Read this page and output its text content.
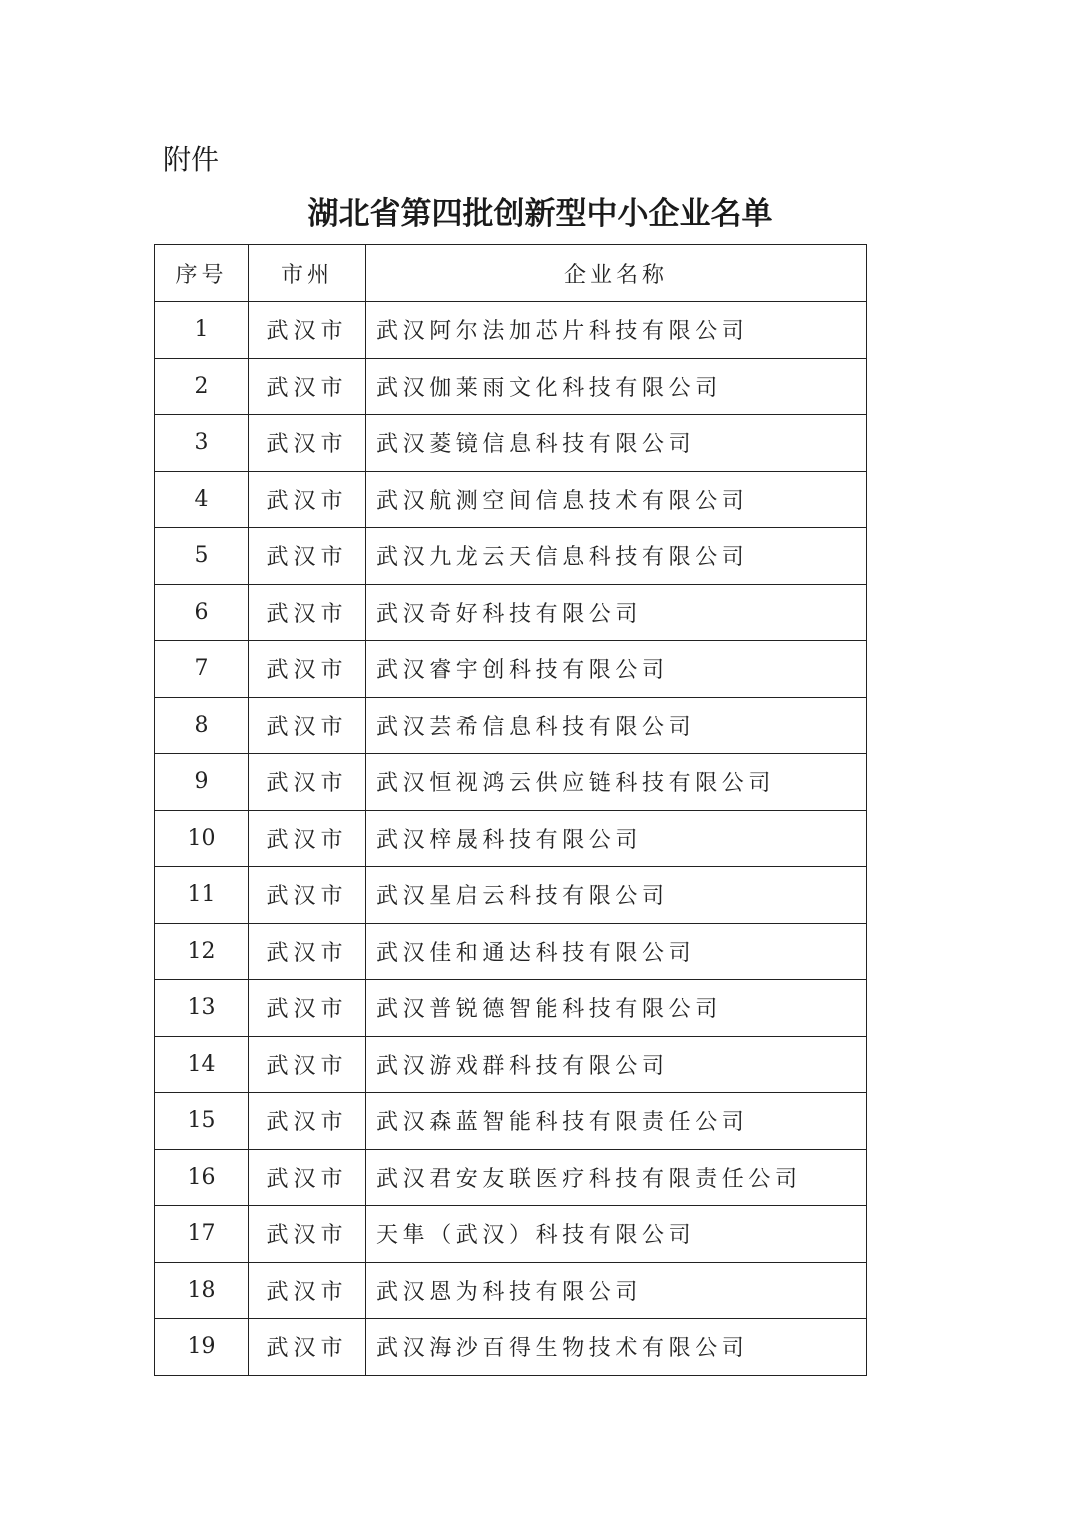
附件
湖北省第四批创新型中小企业名单
序号	市州	企业名称
1	武汉市	武汉阿尔法加芯片科技有限公司
2	武汉市	武汉伽莱雨文化科技有限公司
3	武汉市	武汉菱镜信息科技有限公司
4	武汉市	武汉航测空间信息技术有限公司
5	武汉市	武汉九龙云天信息科技有限公司
6	武汉市	武汉奇好科技有限公司
7	武汉市	武汉睿宇创科技有限公司
8	武汉市	武汉芸希信息科技有限公司
9	武汉市	武汉恒视鸿云供应链科技有限公司
10	武汉市	武汉梓晟科技有限公司
11	武汉市	武汉星启云科技有限公司
12	武汉市	武汉佳和通达科技有限公司
13	武汉市	武汉普锐德智能科技有限公司
14	武汉市	武汉游戏群科技有限公司
15	武汉市	武汉森蓝智能科技有限责任公司
16	武汉市	武汉君安友联医疗科技有限责任公司
17	武汉市	天隼（武汉）科技有限公司
18	武汉市	武汉恩为科技有限公司
19	武汉市	武汉海沙百得生物技术有限公司
